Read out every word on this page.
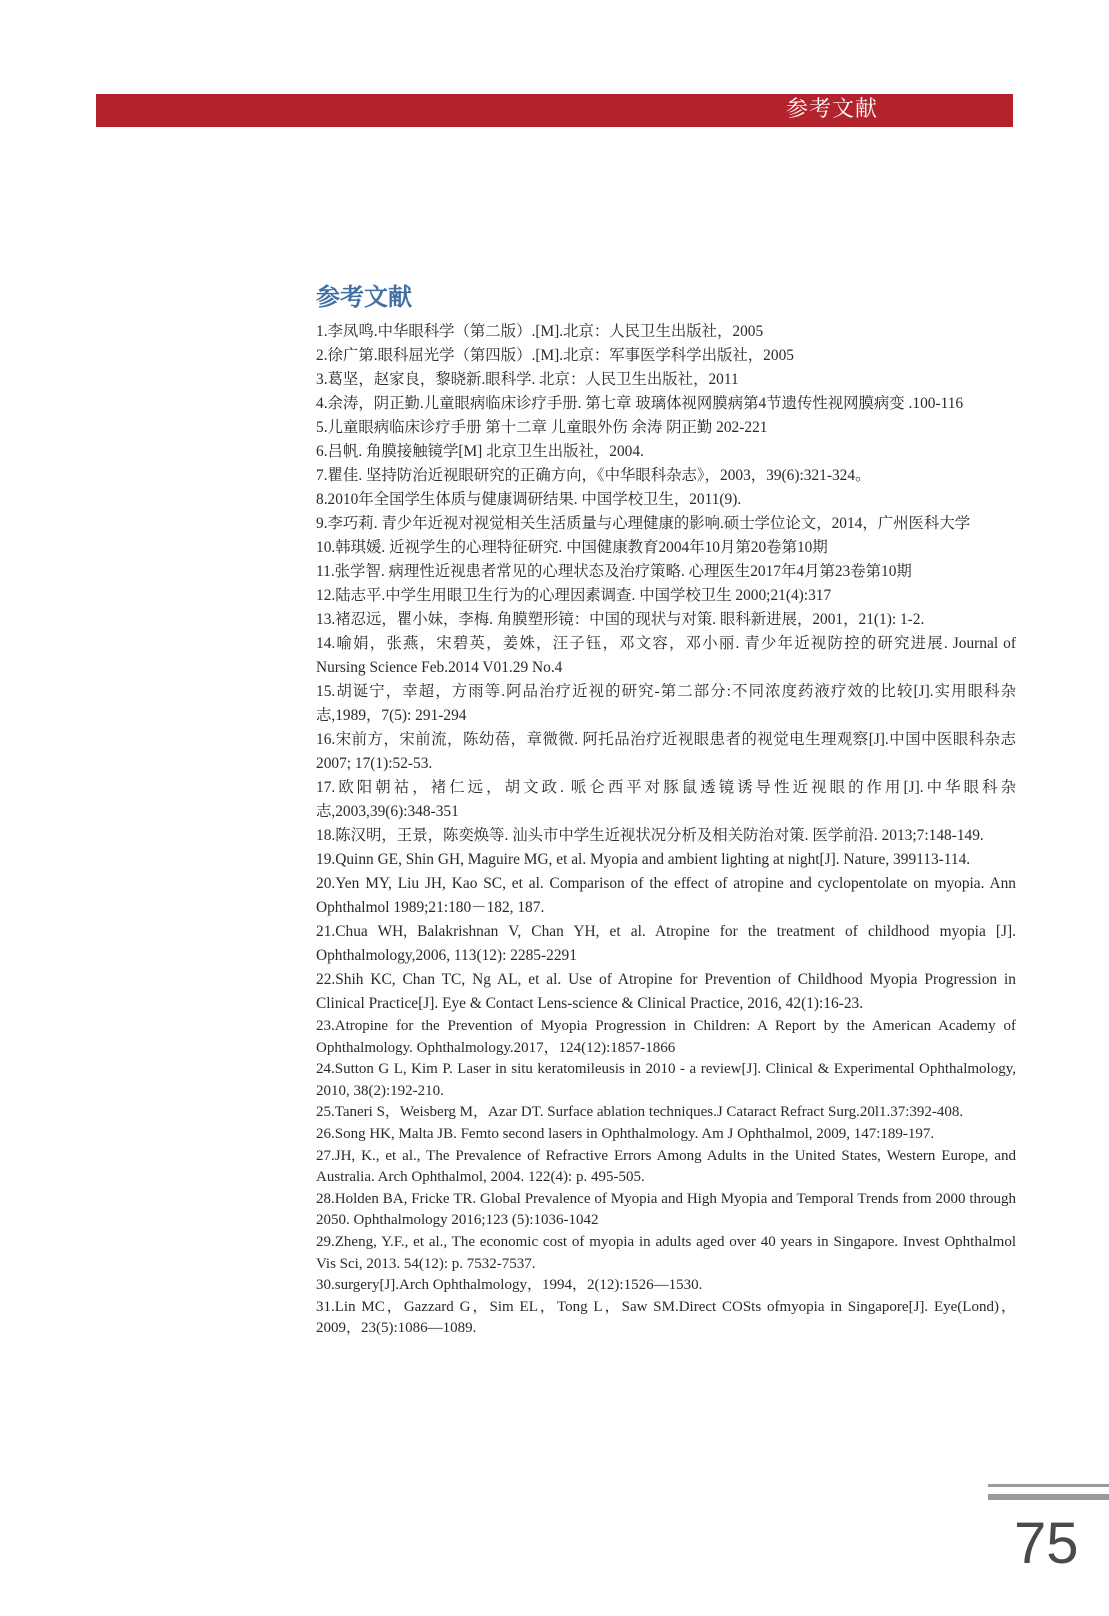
参考文献
参考文献
1.李凤鸣.中华眼科学（第二版）.[M].北京：人民卫生出版社，2005
2.徐广第.眼科屈光学（第四版）.[M].北京：军事医学科学出版社，2005
3.葛坚，赵家良，黎晓新.眼科学. 北京：人民卫生出版社，2011
4.余涛，阴正勤.儿童眼病临床诊疗手册. 第七章 玻璃体视网膜病第4节遗传性视网膜病变 .100-116
5.儿童眼病临床诊疗手册 第十二章 儿童眼外伤 余涛 阴正勤 202-221
6.吕帆. 角膜接触镜学[M] 北京卫生出版社，2004.
7.瞿佳. 坚持防治近视眼研究的正确方向，《中华眼科杂志》，2003，39(6):321-324。
8.2010年全国学生体质与健康调研结果. 中国学校卫生，2011(9).
9.李巧莉. 青少年近视对视觉相关生活质量与心理健康的影响.硕士学位论文，2014，广州医科大学
10.韩琪媛. 近视学生的心理特征研究. 中国健康教育2004年10月第20卷第10期
11.张学智. 病理性近视患者常见的心理状态及治疗策略. 心理医生2017年4月第23卷第10期
12.陆志平.中学生用眼卫生行为的心理因素调查. 中国学校卫生 2000;21(4):317
13.褚忍远，瞿小妹，李梅. 角膜塑形镜：中国的现状与对策. 眼科新进展，2001，21(1): 1-2.
14.喻娟，张燕，宋碧英，姜姝，汪子钰，邓文容，邓小丽. 青少年近视防控的研究进展. Journal of Nursing Science Feb.2014 V01.29 No.4
15.胡诞宁，幸超，方雨等.阿品治疗近视的研究-第二部分:不同浓度药液疗效的比较[J].实用眼科杂志,1989，7(5): 291-294
16.宋前方，宋前流，陈幼蓓，章微微. 阿托品治疗近视眼患者的视觉电生理观察[J].中国中医眼科杂志2007; 17(1):52-53.
17.欧阳朝祜，褚仁远，胡文政. 哌仑西平对豚鼠透镜诱导性近视眼的作用[J].中华眼科杂志,2003,39(6):348-351
18.陈汉明，王景，陈奕焕等. 汕头市中学生近视状况分析及相关防治对策. 医学前沿. 2013;7:148-149.
19.Quinn GE, Shin GH, Maguire MG, et al. Myopia and ambient lighting at night[J]. Nature, 399113-114.
20.Yen MY, Liu JH, Kao SC, et al. Comparison of the effect of atropine and cyclopentolate on myopia. Ann Ophthalmol 1989;21:180－182, 187.
21.Chua WH, Balakrishnan V, Chan YH, et al. Atropine for the treatment of childhood myopia [J]. Ophthalmology,2006, 113(12): 2285-2291
22.Shih KC, Chan TC, Ng AL, et al. Use of Atropine for Prevention of Childhood Myopia Progression in Clinical Practice[J]. Eye & Contact Lens-science & Clinical Practice, 2016, 42(1):16-23.
23.Atropine for the Prevention of Myopia Progression in Children: A Report by the American Academy of Ophthalmology. Ophthalmology.2017，124(12):1857-1866
24.Sutton G L, Kim P. Laser in situ keratomileusis in 2010 - a review[J]. Clinical & Experimental Ophthalmology, 2010, 38(2):192-210.
25.Taneri S，Weisberg M，Azar DT. Surface ablation techniques.J Cataract Refract Surg.20l1.37:392-408.
26.Song HK, Malta JB. Femto second lasers in Ophthalmology. Am J Ophthalmol, 2009, 147:189-197.
27.JH, K., et al., The Prevalence of Refractive Errors Among Adults in the United States, Western Europe, and Australia. Arch Ophthalmol, 2004. 122(4): p. 495-505.
28.Holden BA, Fricke TR. Global Prevalence of Myopia and High Myopia and Temporal Trends from 2000 through 2050. Ophthalmology 2016;123 (5):1036-1042
29.Zheng, Y.F., et al., The economic cost of myopia in adults aged over 40 years in Singapore. Invest Ophthalmol Vis Sci, 2013. 54(12): p. 7532-7537.
30.surgery[J].Arch Ophthalmology，1994，2(12):1526—1530.
31.Lin MC，Gazzard G，Sim EL，Tong L，Saw SM.Direct COSts ofmyopia in Singapore[J]. Eye(Lond)，2009，23(5):1086—1089.
75
